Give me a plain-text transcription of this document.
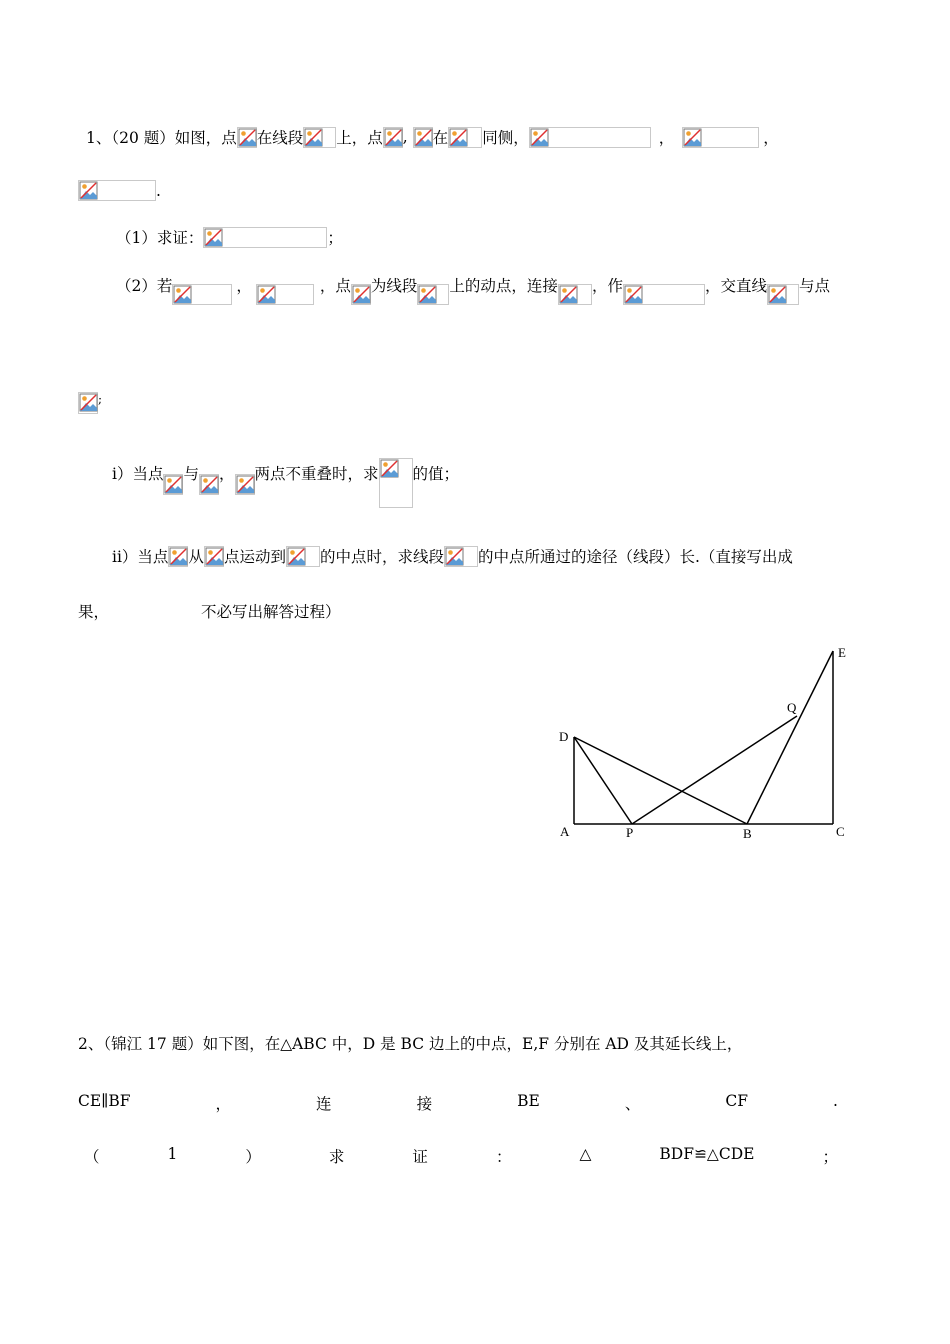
1、（20 题）如图，点 在线段 上，点 ,
在 同侧，	，	，
.
（1）求证：	；
（2）若	，	，点 为线段 上的动点，连接 ，作	，交直线 与点
;
i）当点 与 ， 两点不重叠时，求 的值；
ii）当点 从 点运动到 的中点时，求线段 的中点所通过的途径（线段）长.（直接写出成
果，	不必写出解答过程）
A	P	B	C
D
Q
E
2、（锦江 17 题）如下图，在△ABC 中，D 是 BC 边上的中点，E,F 分别在 AD 及其延长线上，
CE∥BF	，	连	接	BE	、	CF	.
（	1	）	求	证	：	△	BDF≌△CDE	；
